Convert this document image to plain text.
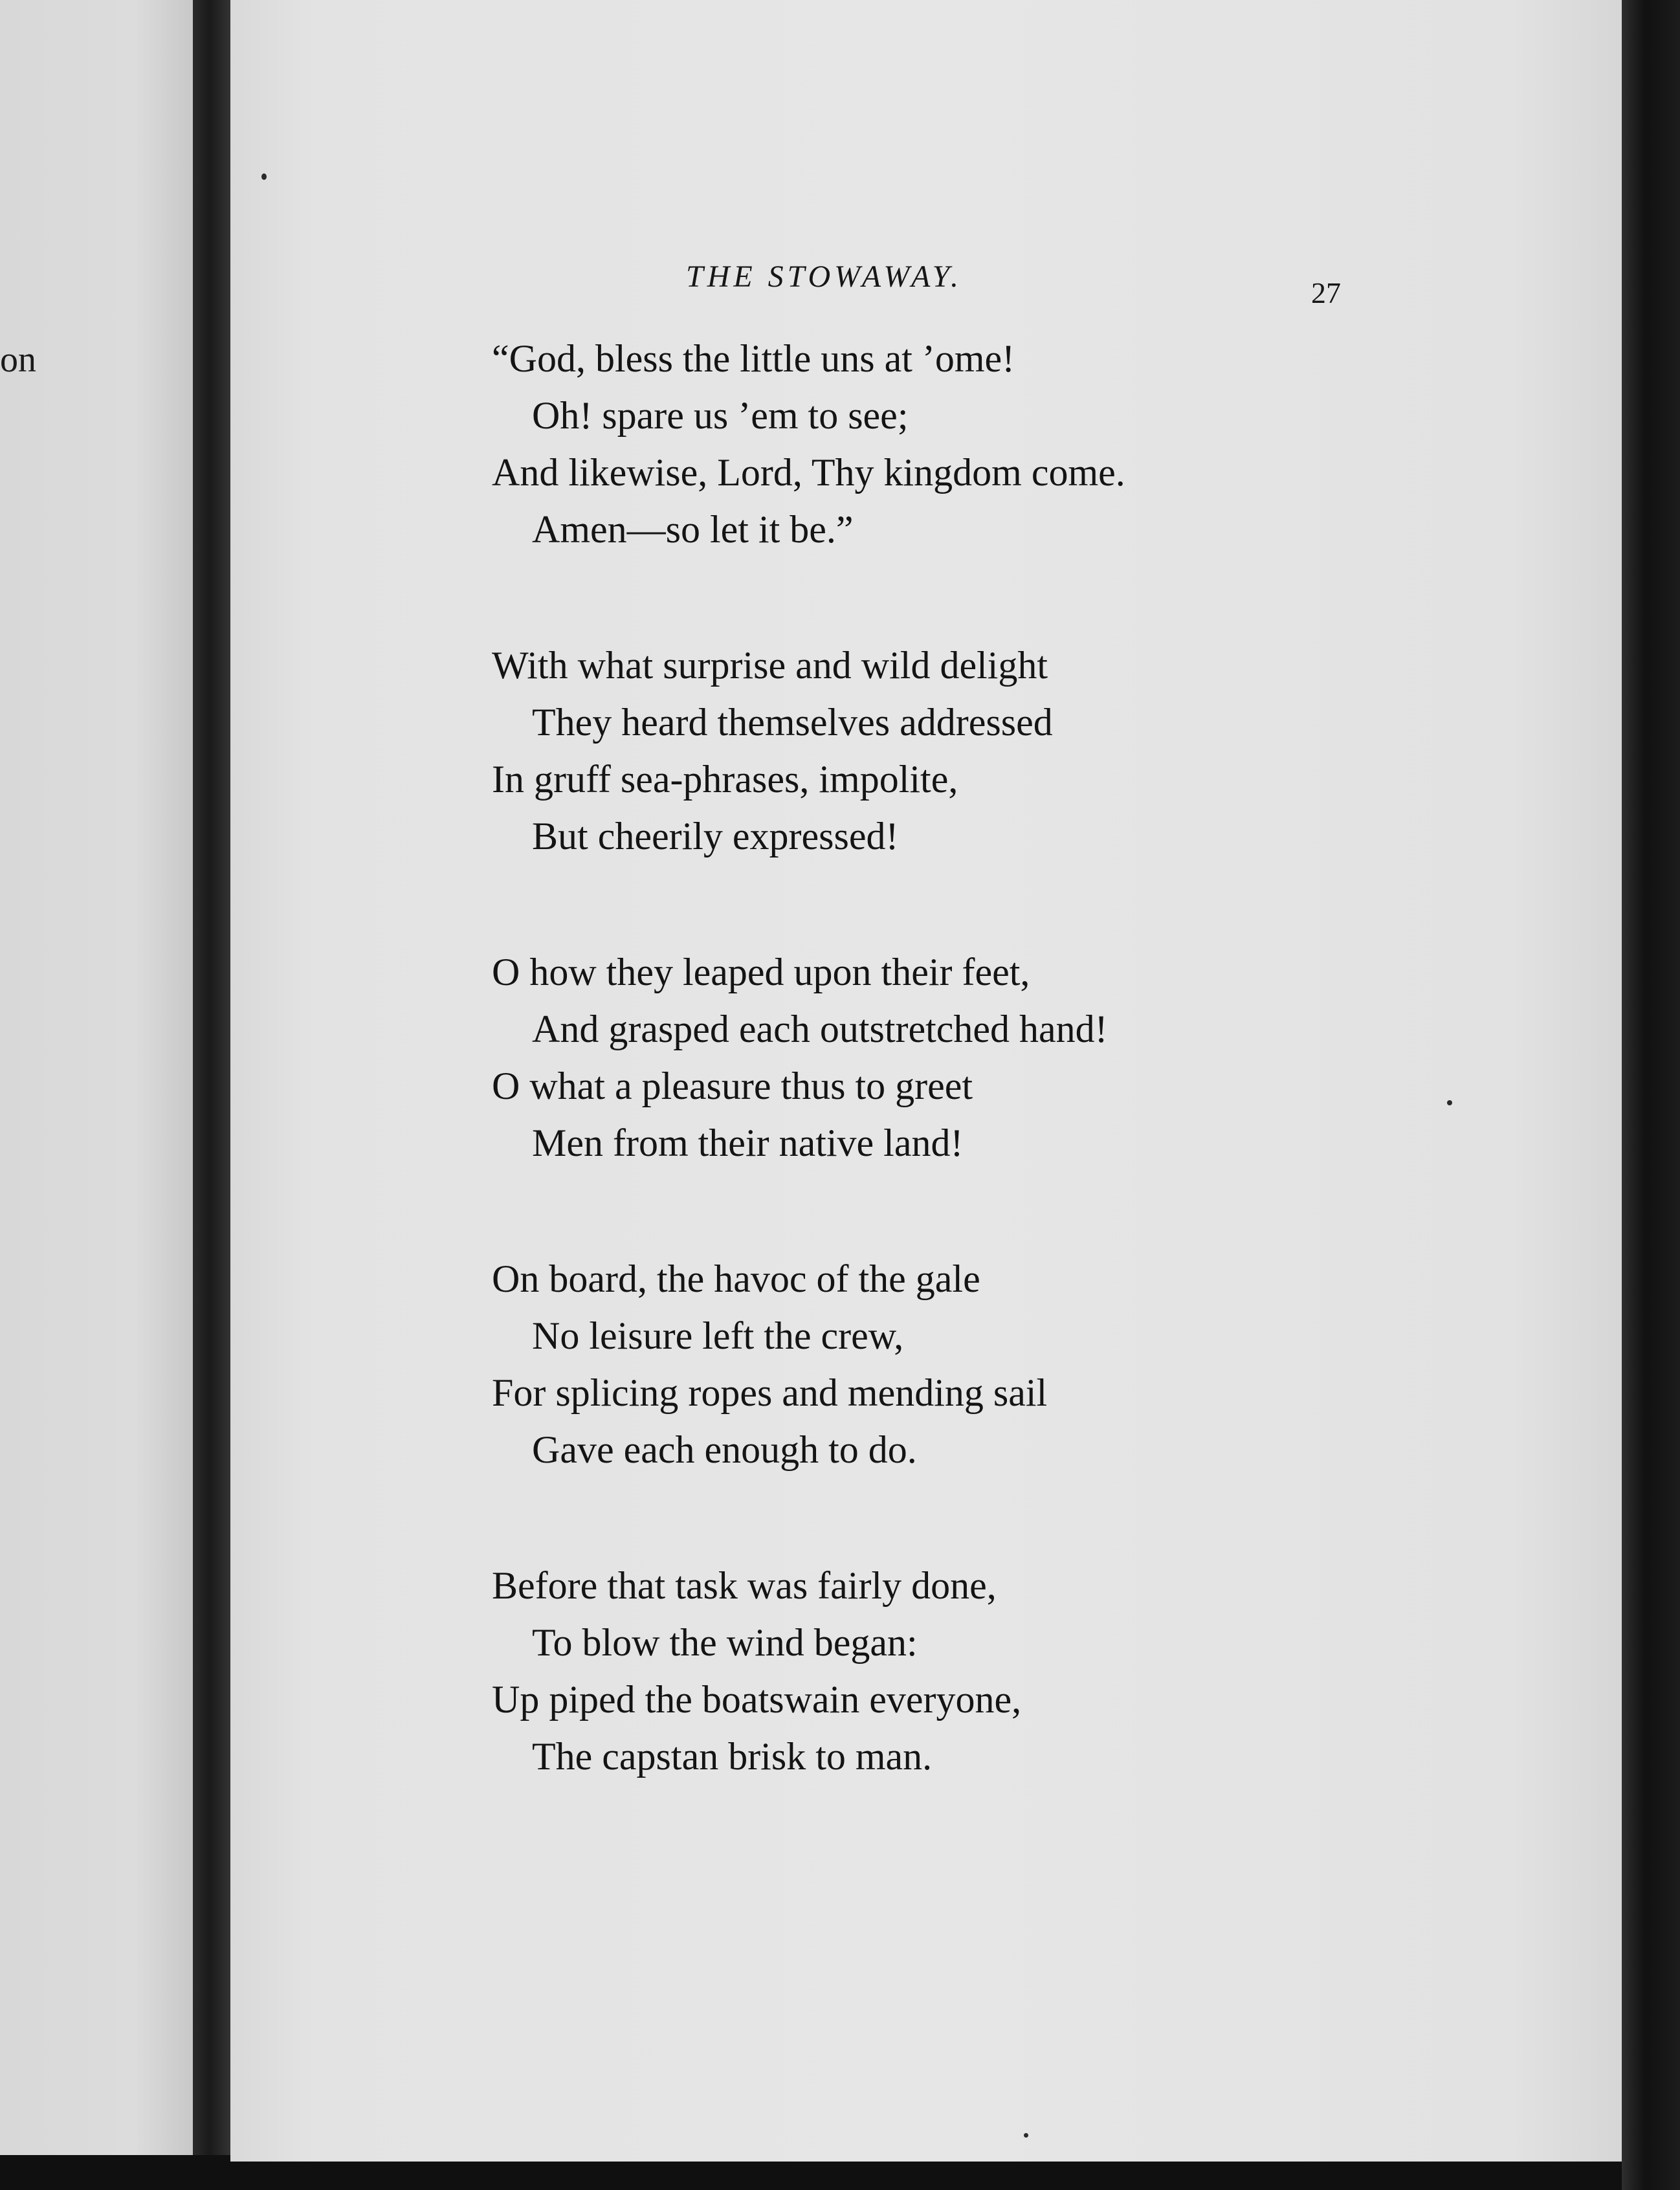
on
THE STOWAWAY.	27
“God, bless the little uns at ’ome!
Oh! spare us ’em to see;
And likewise, Lord, Thy kingdom come.
Amen—so let it be.”
With what surprise and wild delight
They heard themselves addressed
In gruff sea-phrases, impolite,
But cheerily expressed!
O how they leaped upon their feet,
And grasped each outstretched hand!
O what a pleasure thus to greet
Men from their native land!
On board, the havoc of the gale
No leisure left the crew,
For splicing ropes and mending sail
Gave each enough to do.
Before that task was fairly done,
To blow the wind began:
Up piped the boatswain everyone,
The capstan brisk to man.
